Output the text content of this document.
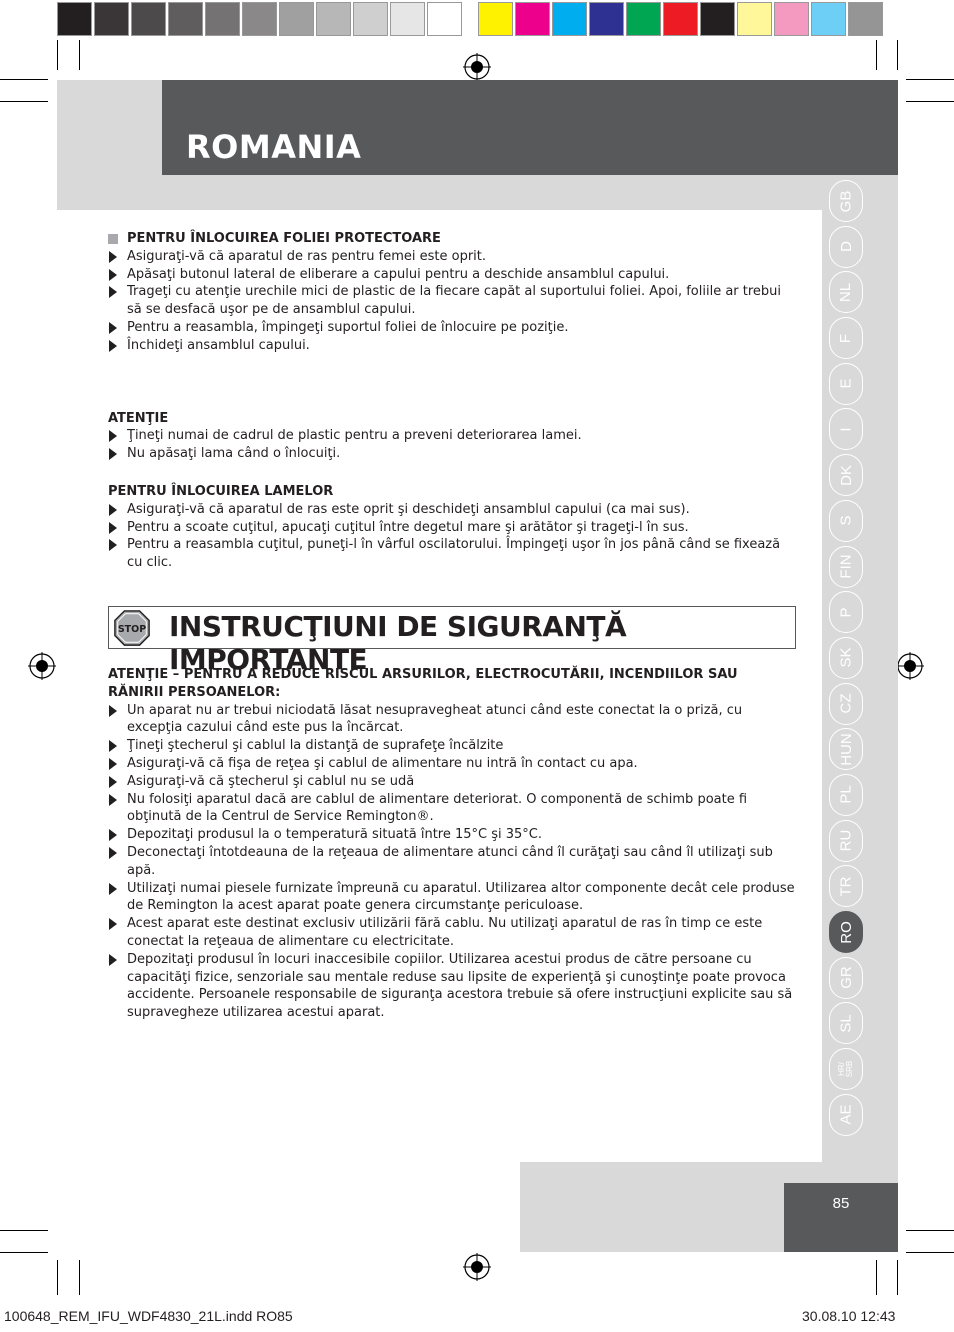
ROMANIA
GB
D
NL
F
E
I
DK
S
FIN
P
SK
CZ
HUN
PL
RU
TR
RO
GR
SL
HR/
SRB
AE
85
PENTRU ÎNLOCUIREA FOLIEI PROTECTOARE
Asiguraţi-vă că aparatul de ras pentru femei este oprit.
Apăsaţi butonul lateral de eliberare a capului pentru a deschide ansamblul capului.
Trageţi cu atenţie urechile mici de plastic de la fiecare capăt al suportului foliei. Apoi, foliile ar trebui să se desfacă uşor pe de ansamblul capului.
Pentru a reasambla, împingeţi suportul foliei de înlocuire pe poziţie.
Închideţi ansamblul capului.
ATENŢIE
Ţineţi numai de cadrul de plastic pentru a preveni deteriorarea lamei.
Nu apăsaţi lama când o înlocuiţi.
PENTRU ÎNLOCUIREA LAMELOR
Asiguraţi-vă că aparatul de ras este oprit şi deschideţi ansamblul capului (ca mai sus).
Pentru a scoate cuţitul, apucaţi cuţitul între degetul mare şi arătător şi trageţi-l în sus.
Pentru a reasambla cuţitul, puneţi-l în vârful oscilatorului. Împingeţi uşor în jos până când se fixează cu clic.
STOP INSTRUCŢIUNI DE SIGURANŢĂ IMPORTANTE
ATENŢIE – PENTRU A REDUCE RISCUL ARSURILOR, ELECTROCUTĂRII, INCENDIILOR SAU RĂNIRII PERSOANELOR:
Un aparat nu ar trebui niciodată lăsat nesupravegheat atunci când este conectat la o priză, cu excepţia cazului când este pus la încărcat.
Ţineţi ştecherul şi cablul la distanţă de suprafeţe încălzite
Asiguraţi-vă că fişa de reţea şi cablul de alimentare nu intră în contact cu apa.
Asiguraţi-vă că ştecherul şi cablul nu se udă
Nu folosiţi aparatul dacă are cablul de alimentare deteriorat. O componentă de schimb poate fi obţinută de la Centrul de Service Remington®.
Depozitaţi produsul la o temperatură situată între 15°C şi 35°C.
Deconectaţi întotdeauna de la reţeaua de alimentare atunci când îl curăţaţi sau când îl utilizaţi sub apă.
Utilizaţi numai piesele furnizate împreună cu aparatul. Utilizarea altor componente decât cele produse de Remington la acest aparat poate genera circumstanţe periculoase.
Acest aparat este destinat exclusiv utilizării fără cablu. Nu utilizaţi aparatul de ras în timp ce este conectat la reţeaua de alimentare cu electricitate.
Depozitaţi produsul în locuri inaccesibile copiilor. Utilizarea acestui produs de către persoane cu capacităţi fizice, senzoriale sau mentale reduse sau lipsite de experienţă şi cunoştinţe poate provoca accidente. Persoanele responsabile de siguranţa acestora trebuie să ofere instrucţiuni explicite sau să supravegheze utilizarea acestui aparat.
100648_REM_IFU_WDF4830_21L.indd RO85	30.08.10 12:43
